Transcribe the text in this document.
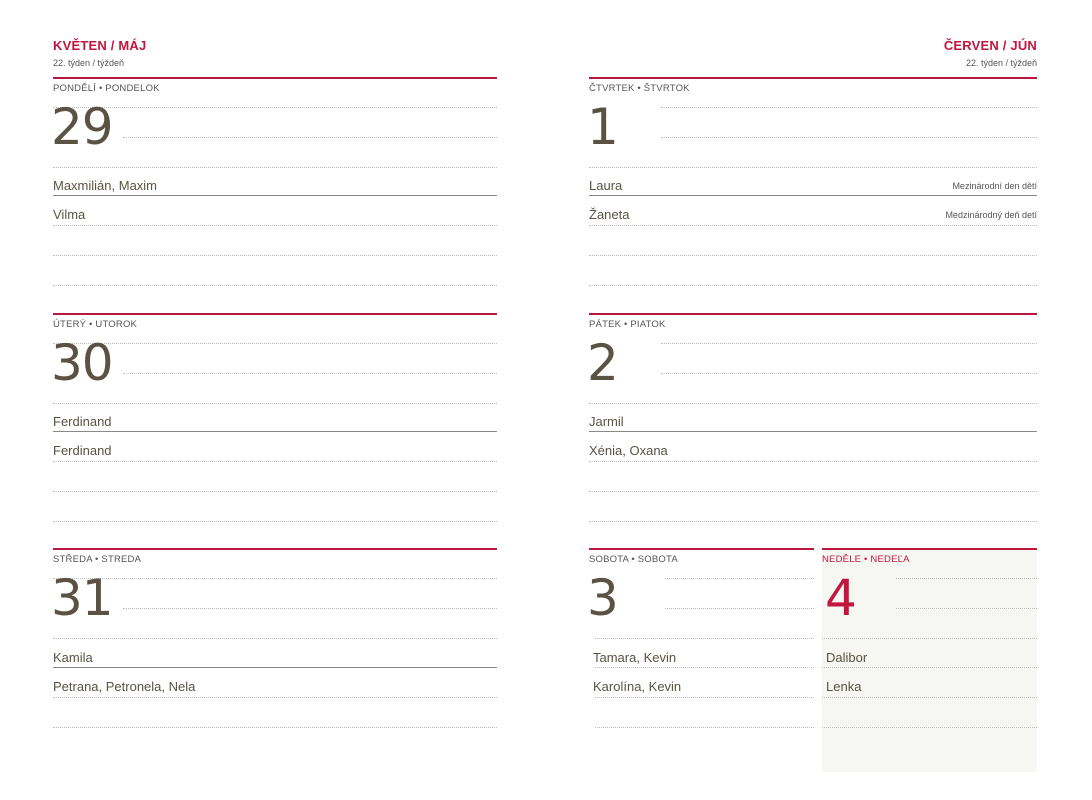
KVĚTEN / MÁJ
22. týden / týždeň
PONDĚLÍ • PONDELOK
29
Maxmilián, Maxim
Vilma
ÚTERÝ • UTOROK
30
Ferdinand
Ferdinand
STŘEDA • STREDA
31
Kamila
Petrana, Petronela, Nela
ČERVEN / JÚN
22. týden / týždeň
ČTVRTEK • ŠTVRTOK
1
Laura	Mezinárodní den dětí
Žaneta	Medzinárodný deň detí
PÁTEK • PIATOK
2
Jarmil
Xénia, Oxana
SOBOTA • SOBOTA
3
Tamara, Kevin
Karolína, Kevin
NEDĚLE • NEDEĽA
4
Dalibor
Lenka
